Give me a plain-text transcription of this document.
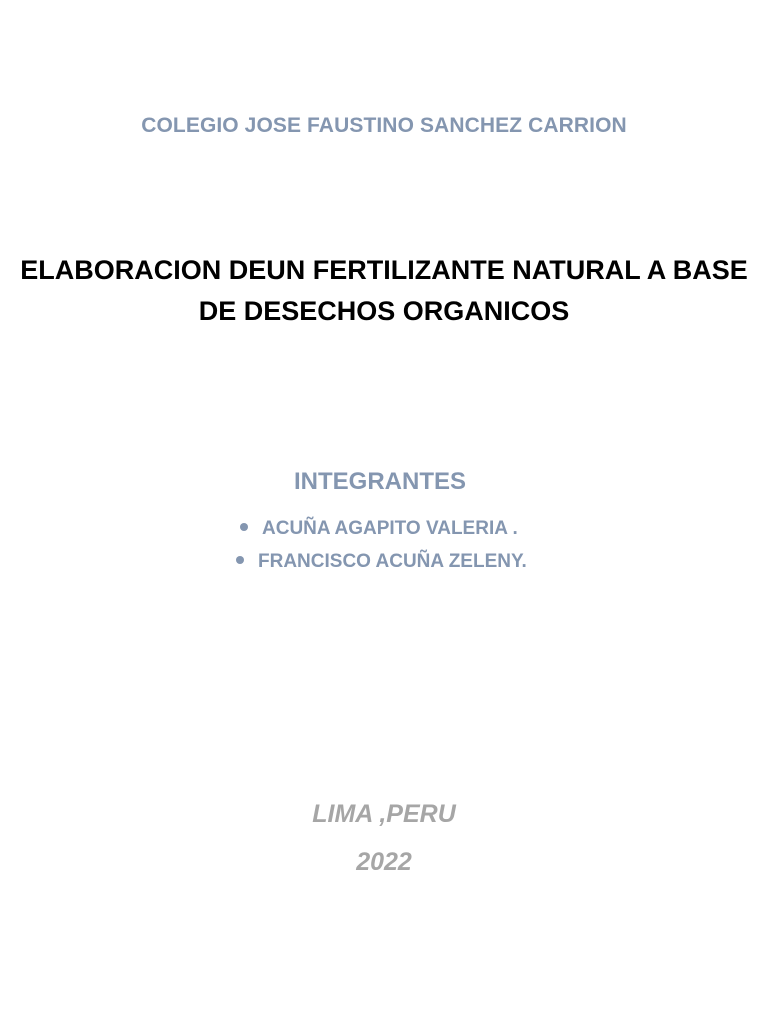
COLEGIO JOSE FAUSTINO SANCHEZ CARRION
ELABORACION DEUN FERTILIZANTE NATURAL A BASE
DE DESECHOS ORGANICOS
INTEGRANTES
ACUÑA AGAPITO VALERIA .
FRANCISCO ACUÑA ZELENY.
LIMA ,PERU
2022
